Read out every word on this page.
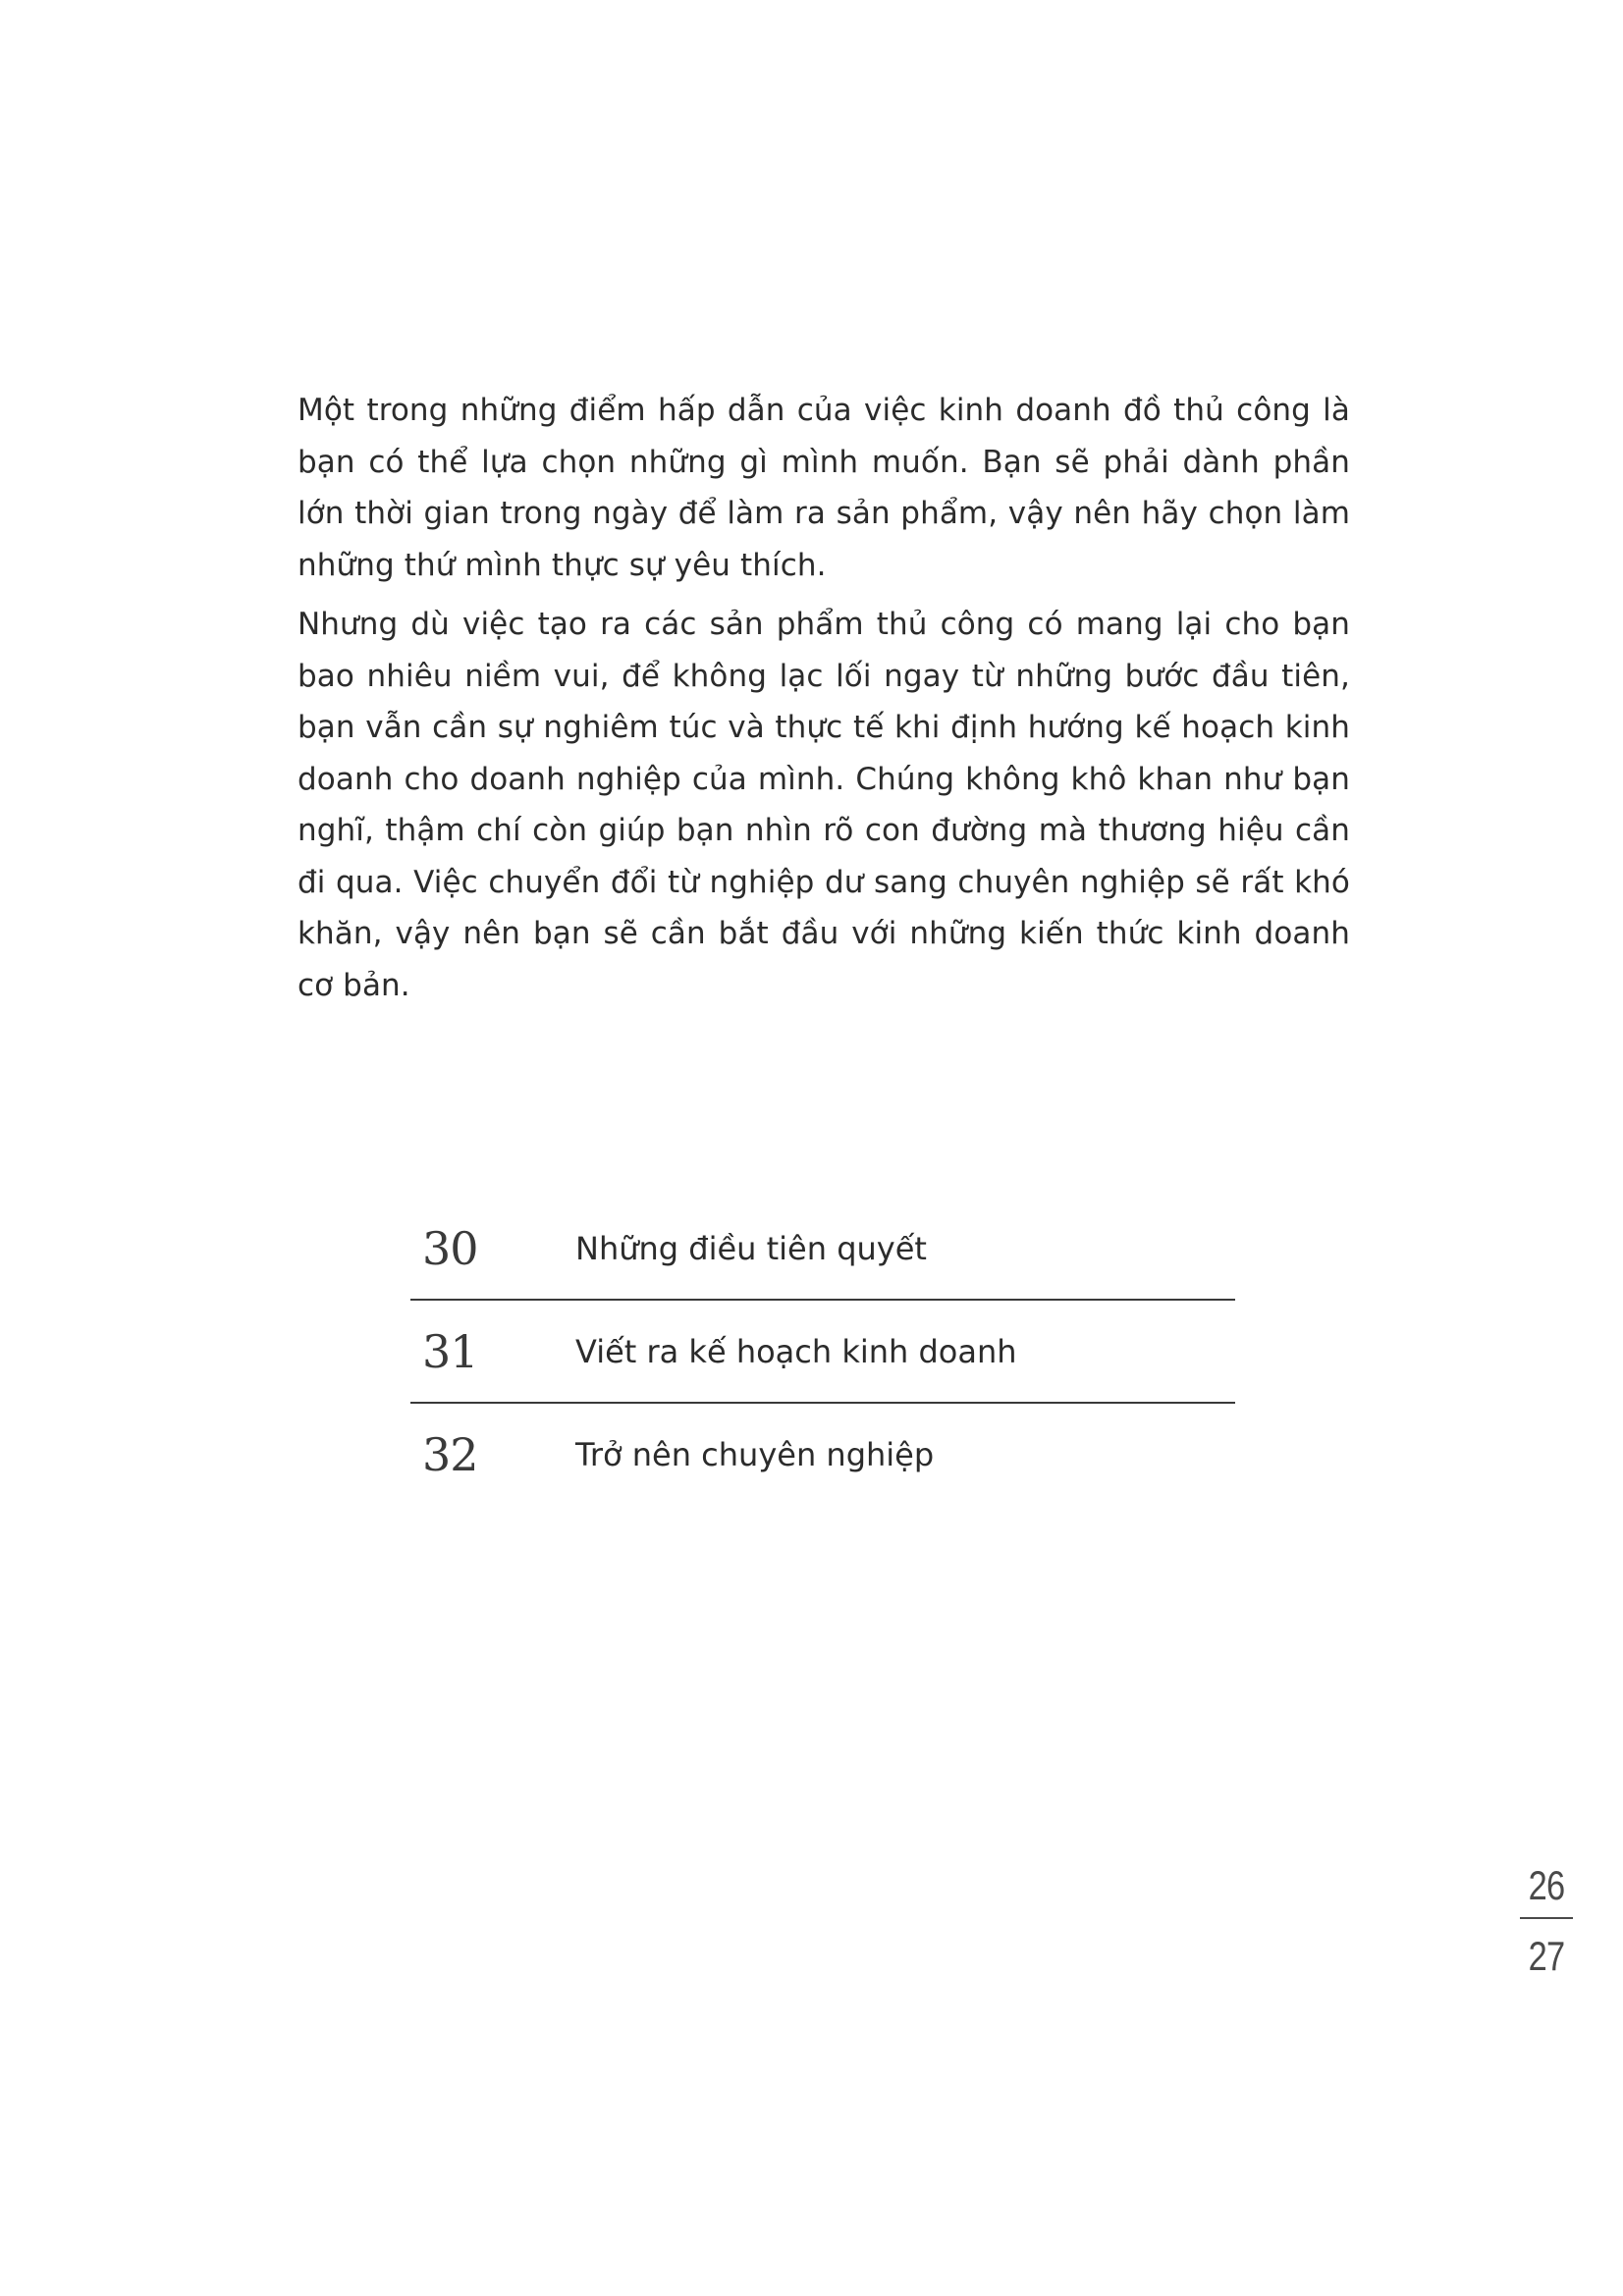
Một trong những điểm hấp dẫn của việc kinh doanh đồ thủ công là bạn có thể lựa chọn những gì mình muốn. Bạn sẽ phải dành phần lớn thời gian trong ngày để làm ra sản phẩm, vậy nên hãy chọn làm những thứ mình thực sự yêu thích.

Nhưng dù việc tạo ra các sản phẩm thủ công có mang lại cho bạn bao nhiêu niềm vui, để không lạc lối ngay từ những bước đầu tiên, bạn vẫn cần sự nghiêm túc và thực tế khi định hướng kế hoạch kinh doanh cho doanh nghiệp của mình. Chúng không khô khan như bạn nghĩ, thậm chí còn giúp bạn nhìn rõ con đường mà thương hiệu cần đi qua. Việc chuyển đổi từ nghiệp dư sang chuyên nghiệp sẽ rất khó khăn, vậy nên bạn sẽ cần bắt đầu với những kiến thức kinh doanh cơ bản.

30	Những điều tiên quyết
31	Viết ra kế hoạch kinh doanh
32	Trở nên chuyên nghiệp
26
27
